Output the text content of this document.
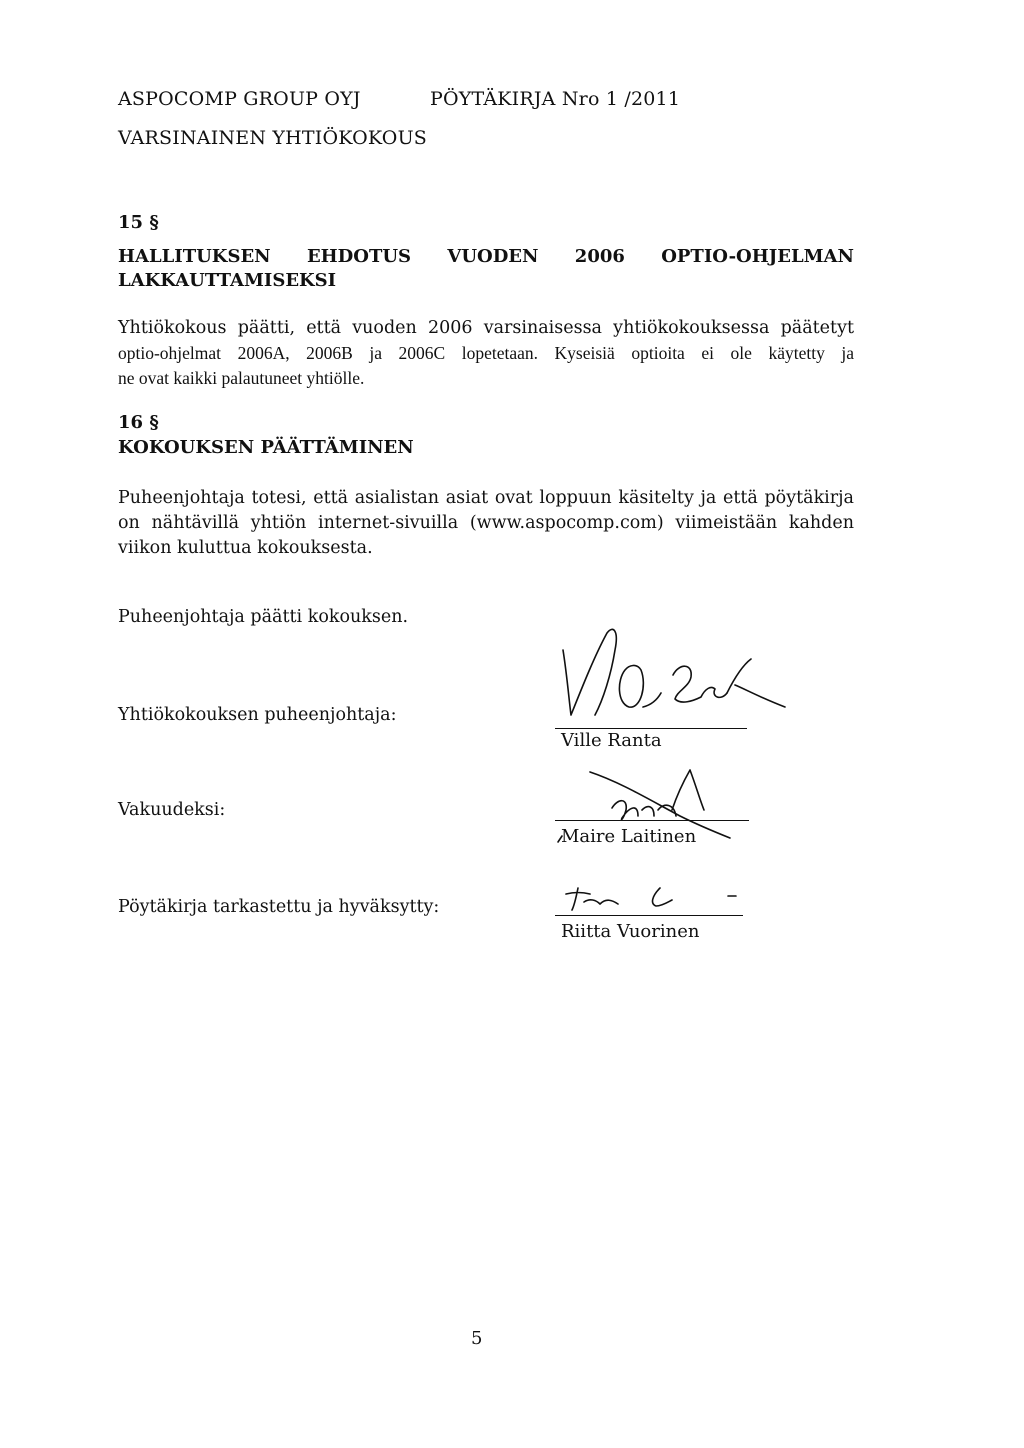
ASPOCOMP GROUP OYJ	PÖYTÄKIRJA Nro 1 /2011
VARSINAINEN YHTIÖKOKOUS
15 §
HALLITUKSEN EHDOTUS VUODEN 2006 OPTIO-OHJELMAN
LAKKAUTTAMISEKSI
Yhtiökokous päätti, että vuoden 2006 varsinaisessa yhtiökokouksessa päätetyt
optio-ohjelmat 2006A, 2006B ja 2006C lopetetaan. Kyseisiä optioita ei ole käytetty ja
ne ovat kaikki palautuneet yhtiölle.
16 §
KOKOUKSEN PÄÄTTÄMINEN
Puheenjohtaja totesi, että asialistan asiat ovat loppuun käsitelty ja että pöytäkirja
on nähtävillä yhtiön internet-sivuilla (www.aspocomp.com) viimeistään kahden
viikon kuluttua kokouksesta.
Puheenjohtaja päätti kokouksen.
Yhtiökokouksen puheenjohtaja:
Ville Ranta
Vakuudeksi:
Maire Laitinen
Pöytäkirja tarkastettu ja hyväksytty:
Riitta Vuorinen
5
